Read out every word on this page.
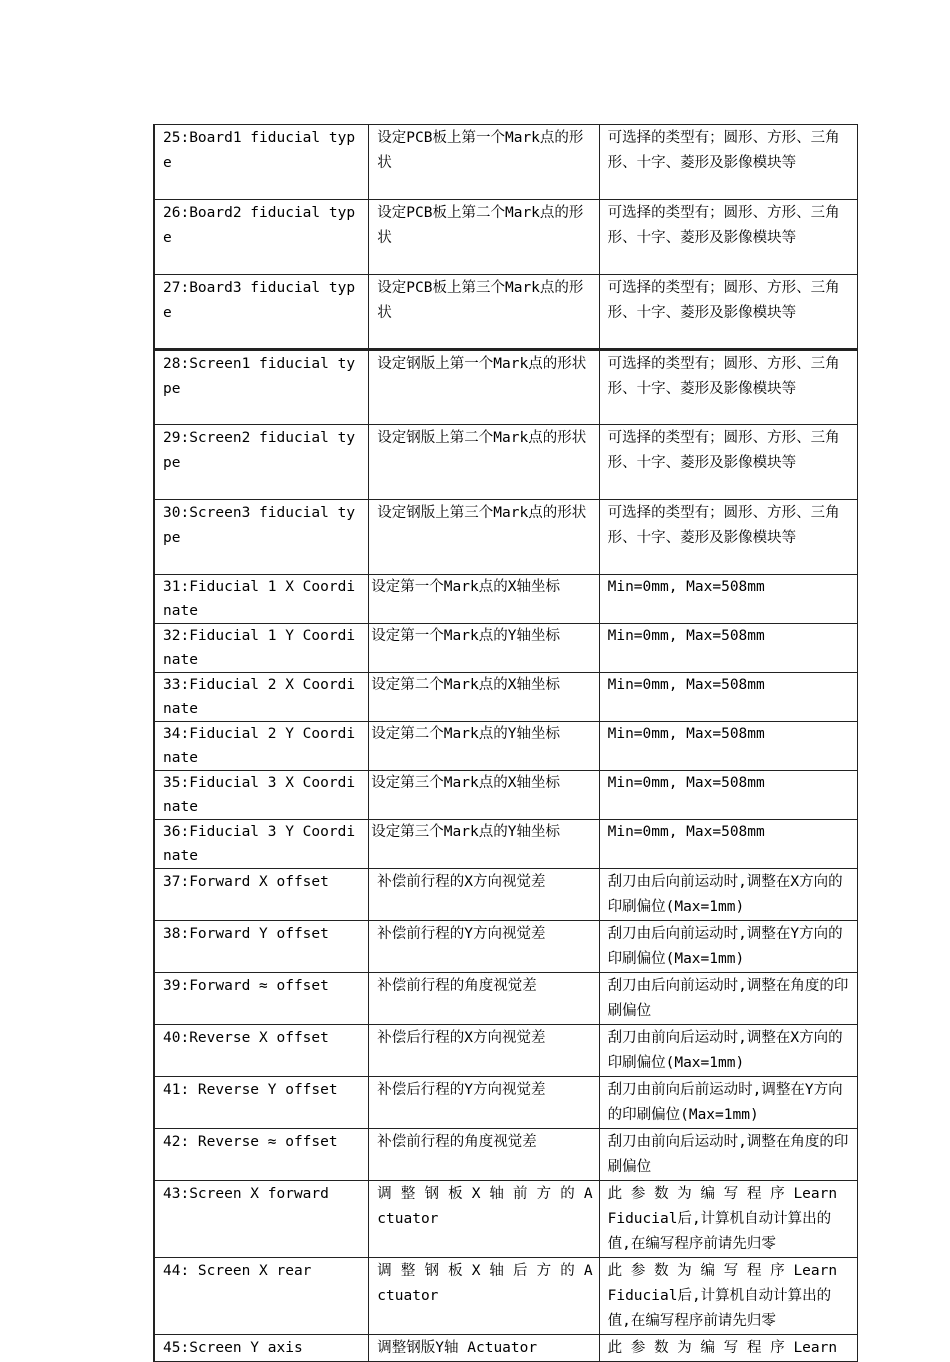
25:Board1 fiducial type	设定PCB板上第一个Mark点的形状	可选择的类型有；圆形、方形、三角形、十字、菱形及影像模块等
26:Board2 fiducial type	设定PCB板上第二个Mark点的形状	可选择的类型有；圆形、方形、三角形、十字、菱形及影像模块等
27:Board3 fiducial type	设定PCB板上第三个Mark点的形状	可选择的类型有；圆形、方形、三角形、十字、菱形及影像模块等
28:Screen1 fiducial type	设定钢版上第一个Mark点的形状	可选择的类型有；圆形、方形、三角形、十字、菱形及影像模块等
29:Screen2 fiducial type	设定钢版上第二个Mark点的形状	可选择的类型有；圆形、方形、三角形、十字、菱形及影像模块等
30:Screen3 fiducial type	设定钢版上第三个Mark点的形状	可选择的类型有；圆形、方形、三角形、十字、菱形及影像模块等
31:Fiducial 1 X Coordinate	设定第一个Mark点的X轴坐标	Min=0mm, Max=508mm
32:Fiducial 1 Y Coordinate	设定第一个Mark点的Y轴坐标	Min=0mm, Max=508mm
33:Fiducial 2 X Coordinate	设定第二个Mark点的X轴坐标	Min=0mm, Max=508mm
34:Fiducial 2 Y Coordinate	设定第二个Mark点的Y轴坐标	Min=0mm, Max=508mm
35:Fiducial 3 X Coordinate	设定第三个Mark点的X轴坐标	Min=0mm, Max=508mm
36:Fiducial 3 Y Coordinate	设定第三个Mark点的Y轴坐标	Min=0mm, Max=508mm
37:Forward X offset	补偿前行程的X方向视觉差	刮刀由后向前运动时,调整在X方向的印刷偏位(Max=1mm)
38:Forward Y offset	补偿前行程的Y方向视觉差	刮刀由后向前运动时,调整在Y方向的印刷偏位(Max=1mm)
39:Forward ≈ offset	补偿前行程的角度视觉差	刮刀由后向前运动时,调整在角度的印刷偏位
40:Reverse X offset	补偿后行程的X方向视觉差	刮刀由前向后运动时,调整在X方向的印刷偏位(Max=1mm)
41: Reverse Y offset	补偿后行程的Y方向视觉差	刮刀由前向后前运动时,调整在Y方向的印刷偏位(Max=1mm)
42: Reverse ≈ offset	补偿前行程的角度视觉差	刮刀由前向后运动时,调整在角度的印刷偏位
43:Screen X forward	调 整 钢 板 X 轴 前 方 的 Actuator	此 参 数 为 编 写 程 序 Learn Fiducial后,计算机自动计算出的值,在编写程序前请先归零
44: Screen X rear	调 整 钢 板 X 轴 后 方 的 Actuator	此 参 数 为 编 写 程 序 Learn Fiducial后,计算机自动计算出的值,在编写程序前请先归零
45:Screen Y axis	调整钢版Y轴 Actuator	此 参 数 为 编 写 程 序 Learn
